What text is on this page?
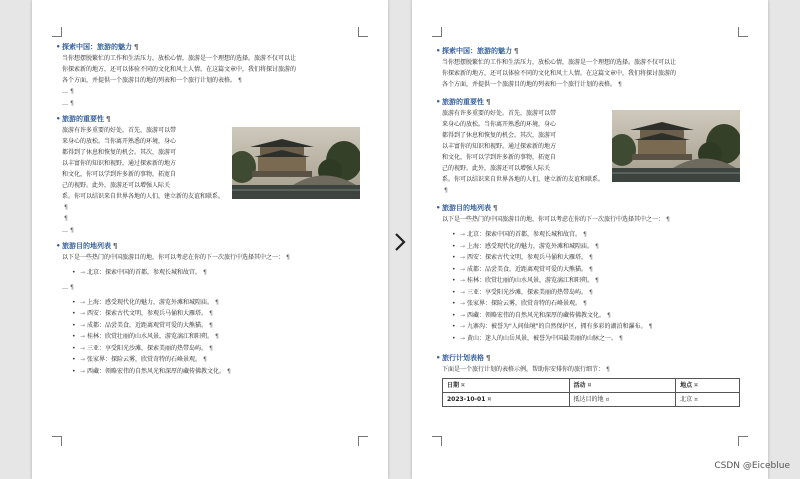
• 探索中国：旅游的魅力 ¶
当你想摆脱繁忙的工作和生活压力，放松心情，旅游是一个理想的选择。旅游不仅可以让
你探索新的地方，还可以体验不同的文化和风土人情。在这篇文章中，我们将探讨旅游的
各个方面，并提供一个旅游目的地的列表和一个旅行计划的表格。 ¶
… ¶
… ¶
• 旅游的重要性 ¶
旅游有许多重要的好处。首先，旅游可以带
来身心的放松。当你离开熟悉的环境，身心
都得到了休息和恢复的机会。其次，旅游可
以丰富你的知识和视野。通过探索新的地方
和文化，你可以学到许多新的事物，拓宽自
己的视野。此外，旅游还可以增强人际关
系。你可以结识来自世界各地的人们，建立新的友谊和联系。¶
¶
… ¶
• 旅游目的地列表 ¶
以下是一些热门的中国旅游目的地，你可以考虑在你的下一次旅行中选择其中之一： ¶
• → 北京：探索中国的首都，参观长城和故宫。 ¶
… ¶
• → 上海：感受现代化的魅力，游览外滩和城隍庙。 ¶
• → 西安：探索古代文明，参观兵马俑和大雁塔。 ¶
• → 成都：品尝美食，近距离观赏可爱的大熊猫。 ¶
• → 桂林：欣赏壮丽的山水风景，游览漓江和阳朔。 ¶
• → 三亚：享受阳光沙滩，探索美丽的热带岛屿。 ¶
• → 张家界：探险云雾，欣赏奇特的石峰景观。 ¶
• → 西藏：领略宏伟的自然风光和深厚的藏传佛教文化。 ¶
• 探索中国：旅游的魅力 ¶
当你想摆脱繁忙的工作和生活压力，放松心情，旅游是一个理想的选择。旅游不仅可以让
你探索新的地方，还可以体验不同的文化和风土人情。在这篇文章中，我们将探讨旅游的
各个方面，并提供一个旅游目的地的列表和一个旅行计划的表格。 ¶
• 旅游的重要性 ¶
旅游有许多重要的好处。首先，旅游可以带
来身心的放松。当你离开熟悉的环境，身心
都得到了休息和恢复的机会。其次，旅游可
以丰富你的知识和视野。通过探索新的地方
和文化，你可以学到许多新的事物，拓宽自
己的视野。此外，旅游还可以增强人际关
系。你可以结识来自世界各地的人们，建立新的友谊和联系。¶
• 旅游目的地列表 ¶
以下是一些热门的中国旅游目的地，你可以考虑在你的下一次旅行中选择其中之一： ¶
• → 北京：探索中国的首都，参观长城和故宫。 ¶
• → 上海：感受现代化的魅力，游览外滩和城隍庙。 ¶
• → 西安：探索古代文明，参观兵马俑和大雁塔。 ¶
• → 成都：品尝美食，近距离观赏可爱的大熊猫。 ¶
• → 桂林：欣赏壮丽的山水风景，游览漓江和阳朔。 ¶
• → 三亚：享受阳光沙滩，探索美丽的热带岛屿。 ¶
• → 张家界：探险云雾，欣赏奇特的石峰景观。 ¶
• → 西藏：领略宏伟的自然风光和深厚的藏传佛教文化。 ¶
• → 九寨沟：被誉为"人间仙境"的自然保护区，拥有多彩的湖泊和瀑布。 ¶
• → 黄山：迷人的山岳风景，被誉为中国最美丽的山脉之一。 ¶
• 旅行计划表格 ¶
下面是一个旅行计划的表格示例，帮助你安排你的旅行细节： ¶
日期 ¤	活动 ¤	地点 ¤
2023-10-01 ¤	抵达目的地 ¤	北京 ¤
CSDN @Eiceblue
